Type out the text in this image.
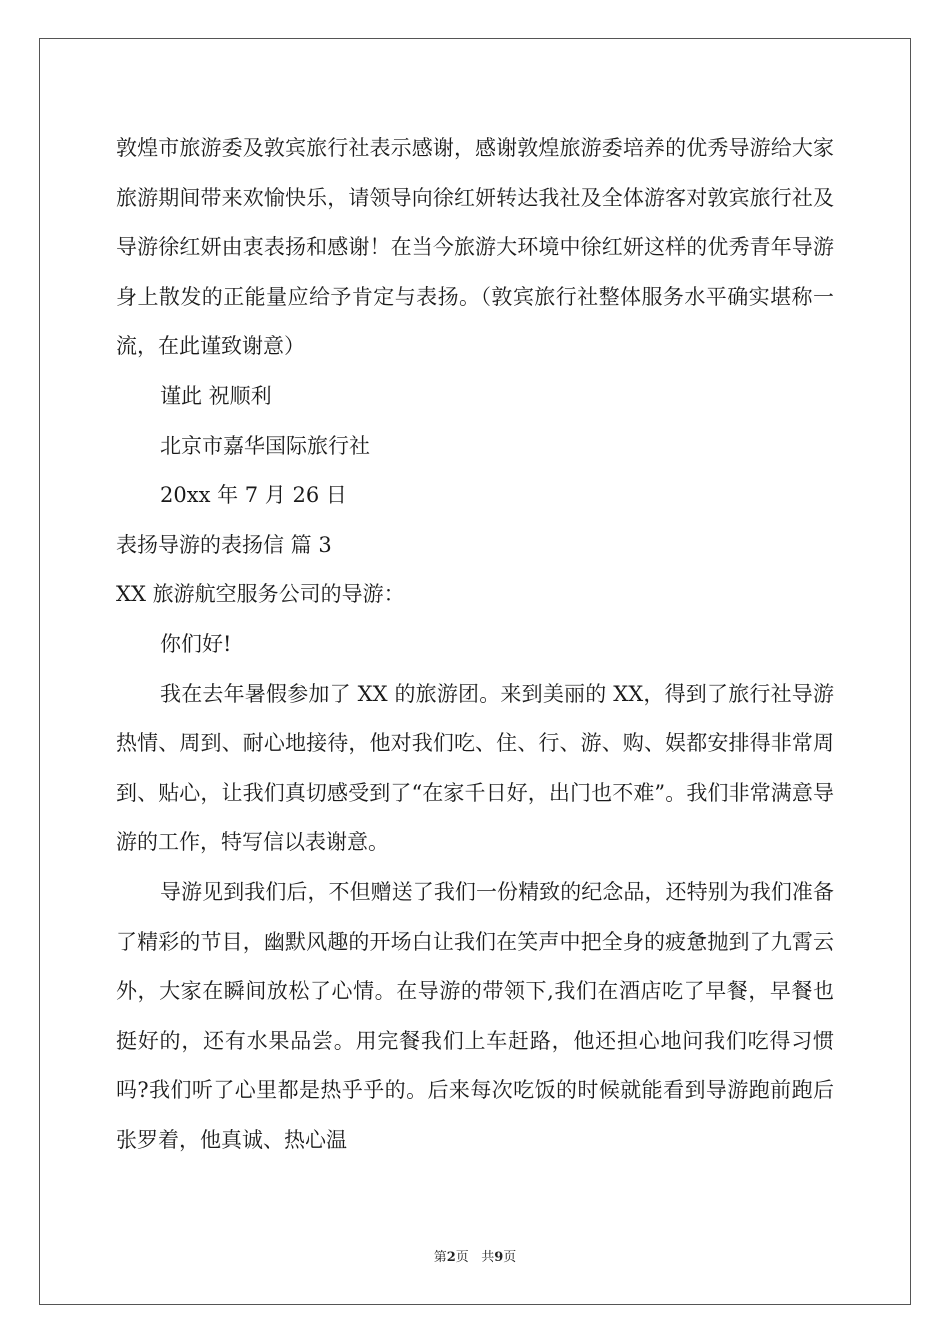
敦煌市旅游委及敦宾旅行社表示感谢，感谢敦煌旅游委培养的优秀导游给大家旅游期间带来欢愉快乐，请领导向徐红妍转达我社及全体游客对敦宾旅行社及导游徐红妍由衷表扬和感谢！在当今旅游大环境中徐红妍这样的优秀青年导游身上散发的正能量应给予肯定与表扬。（敦宾旅行社整体服务水平确实堪称一流，在此谨致谢意）

谨此 祝顺利

北京市嘉华国际旅行社

20xx 年 7 月 26 日

表扬导游的表扬信 篇 3

XX 旅游航空服务公司的导游：

你们好!

我在去年暑假参加了 XX 的旅游团。来到美丽的 XX，得到了旅行社导游热情、周到、耐心地接待，他对我们吃、住、行、游、购、娱都安排得非常周到、贴心，让我们真切感受到了“在家千日好，出门也不难”。我们非常满意导游的工作，特写信以表谢意。

导游见到我们后，不但赠送了我们一份精致的纪念品，还特别为我们准备了精彩的节目，幽默风趣的开场白让我们在笑声中把全身的疲惫抛到了九霄云外，大家在瞬间放松了心情。在导游的带领下,我们在酒店吃了早餐，早餐也挺好的，还有水果品尝。用完餐我们上车赶路，他还担心地问我们吃得习惯吗?我们听了心里都是热乎乎的。后来每次吃饭的时候就能看到导游跑前跑后张罗着，他真诚、热心温

第2页 共9页
